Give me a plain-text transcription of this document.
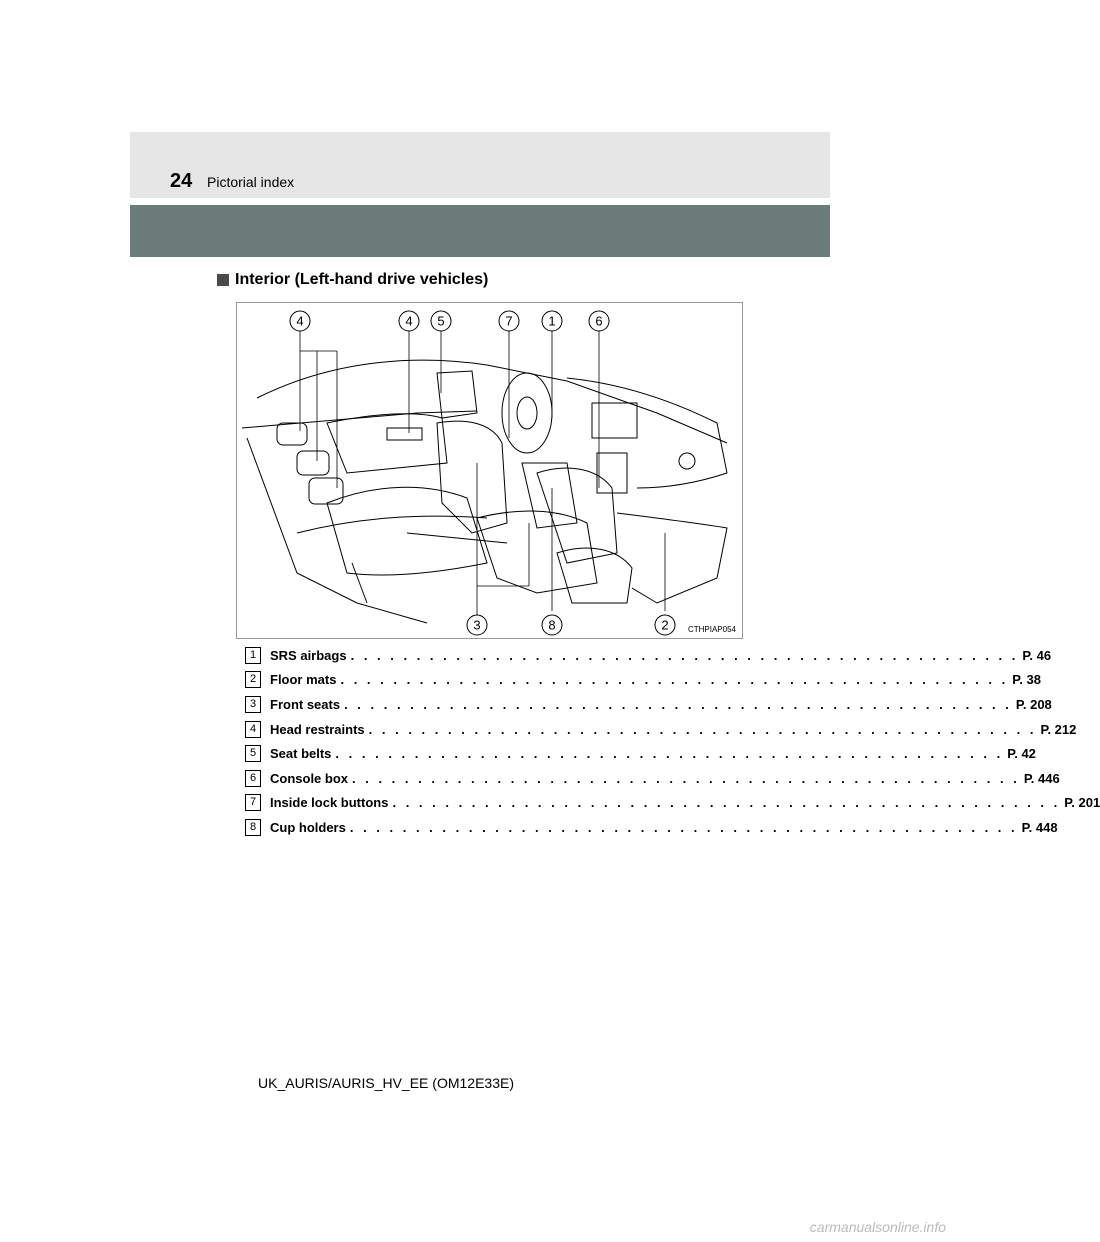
24 Pictorial index
Interior (Left-hand drive vehicles)
4	4 5	7	1	6
3	8	2 CTHPIAP054
1	SRS airbags . . . . . . . . . . . . . . . . . . . . . . . . . . . . . . . . . . . . . . . . . . . . . . . . . . . P. 46
2	Floor mats . . . . . . . . . . . . . . . . . . . . . . . . . . . . . . . . . . . . . . . . . . . . . . . . . . . P. 38
3	Front seats . . . . . . . . . . . . . . . . . . . . . . . . . . . . . . . . . . . . . . . . . . . . . . . . . . . P. 208
4	Head restraints . . . . . . . . . . . . . . . . . . . . . . . . . . . . . . . . . . . . . . . . . . . . . . . . . . . P. 212
5	Seat belts . . . . . . . . . . . . . . . . . . . . . . . . . . . . . . . . . . . . . . . . . . . . . . . . . . . P. 42
6	Console box . . . . . . . . . . . . . . . . . . . . . . . . . . . . . . . . . . . . . . . . . . . . . . . . . . . P. 446
7	Inside lock buttons . . . . . . . . . . . . . . . . . . . . . . . . . . . . . . . . . . . . . . . . . . . . . . . . . . . P. 201
8	Cup holders . . . . . . . . . . . . . . . . . . . . . . . . . . . . . . . . . . . . . . . . . . . . . . . . . . . P. 448
UK_AURIS/AURIS_HV_EE (OM12E33E)
carmanualsonline.info
